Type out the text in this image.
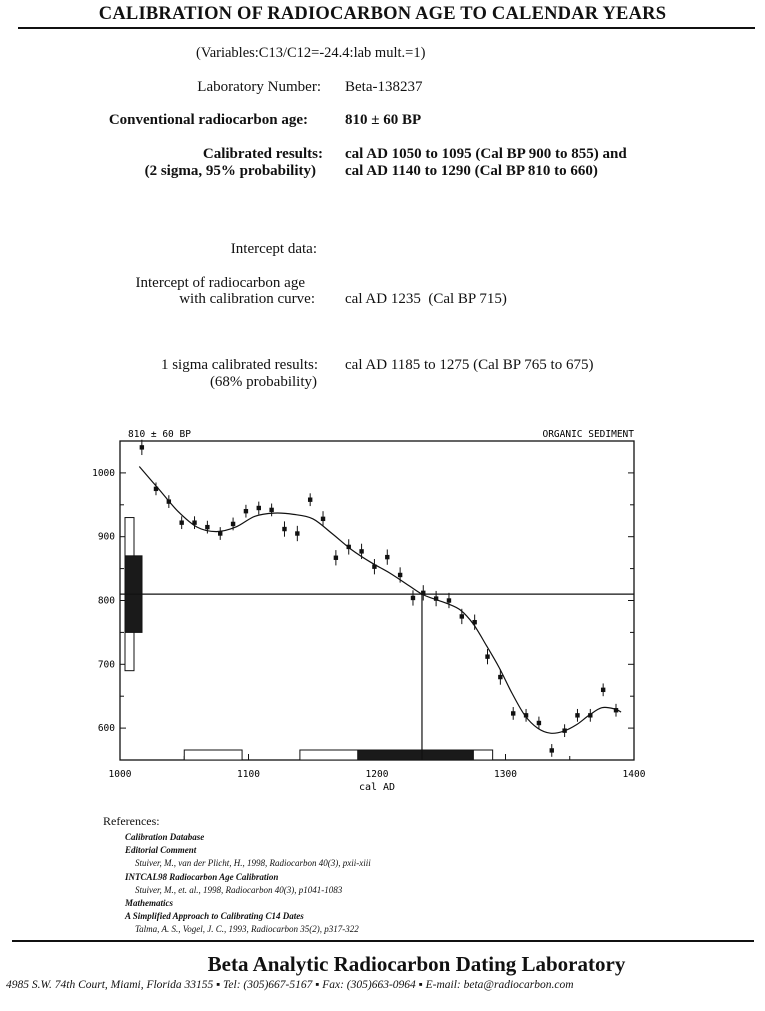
CALIBRATION OF RADIOCARBON AGE TO CALENDAR YEARS
(Variables:C13/C12=-24.4:lab mult.=1)
Laboratory Number: Beta-138237
Conventional radiocarbon age: 810 ± 60 BP
Calibrated results:
(2 sigma, 95% probability)
cal AD 1050 to 1095 (Cal BP 900 to 855) and
cal AD 1140 to 1290 (Cal BP 810 to 660)
Intercept data:
Intercept of radiocarbon age
with calibration curve: cal AD 1235  (Cal BP 715)
1 sigma calibrated results:
(68% probability)
cal AD 1185 to 1275 (Cal BP 765 to 675)
810 ± 60 BP	ORGANIC SEDIMENT
1000	1100	1200	1300	1400
600
700
800
900
1000
cal AD
References:
Calibration Database
Editorial Comment
Stuiver, M., van der Plicht, H., 1998, Radiocarbon 40(3), pxii-xiii
INTCAL98 Radiocarbon Age Calibration
Stuiver, M., et. al., 1998, Radiocarbon 40(3), p1041-1083
Mathematics
A Simplified Approach to Calibrating C14 Dates
Talma, A. S., Vogel, J. C., 1993, Radiocarbon 35(2), p317-322
Beta Analytic Radiocarbon Dating Laboratory
4985 S.W. 74th Court, Miami, Florida 33155 ▪ Tel: (305)667-5167 ▪ Fax: (305)663-0964 ▪ E-mail: beta@radiocarbon.com
